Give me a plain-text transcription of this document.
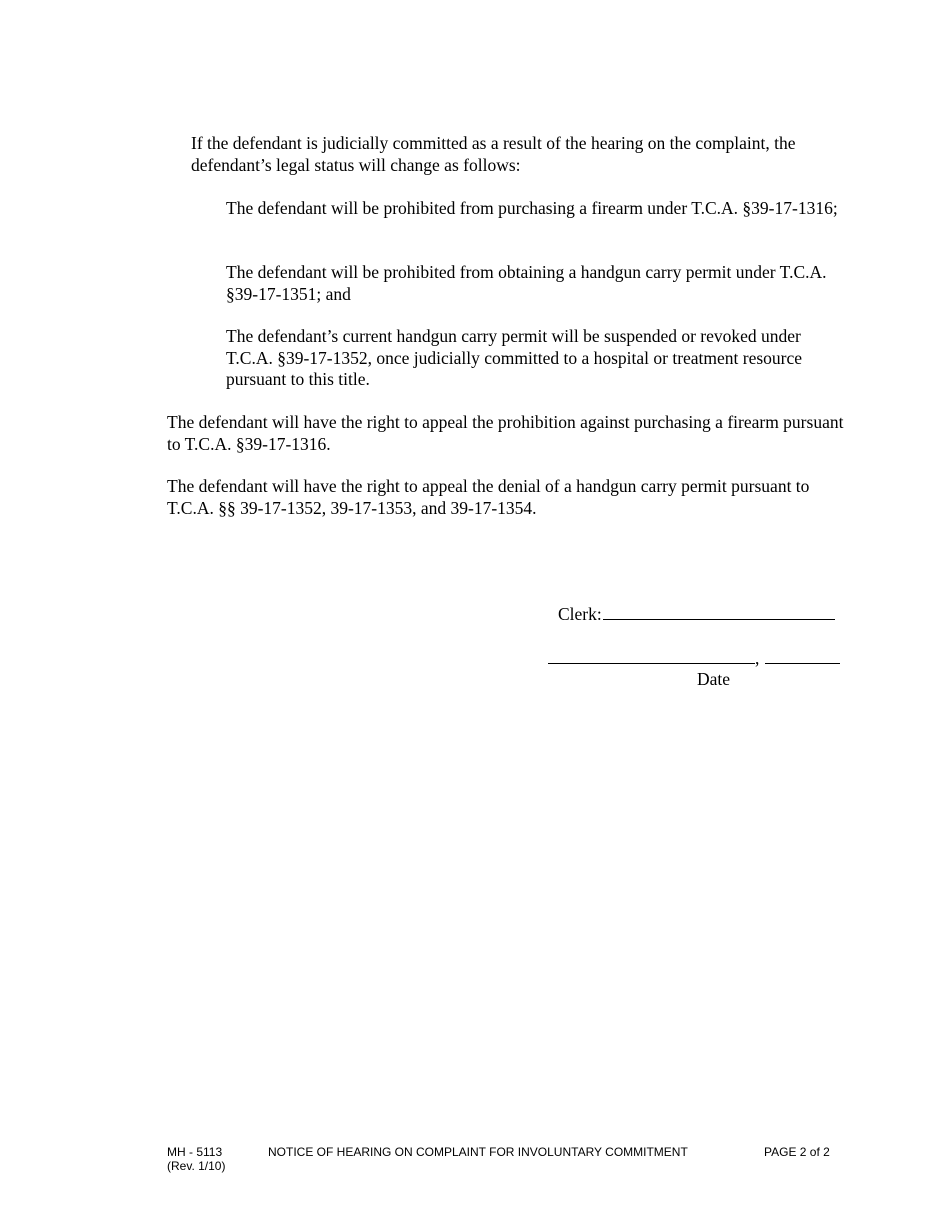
If the defendant is judicially committed as a result of the hearing on the complaint, the defendant’s legal status will change as follows:

The defendant will be prohibited from purchasing a firearm under T.C.A. §39-17-1316;

The defendant will be prohibited from obtaining a handgun carry permit under T.C.A. §39-17-1351; and

The defendant’s current handgun carry permit will be suspended or revoked under T.C.A. §39-17-1352, once judicially committed to a hospital or treatment resource pursuant to this title.

The defendant will have the right to appeal the prohibition against purchasing a firearm pursuant to T.C.A. §39-17-1316.

The defendant will have the right to appeal the denial of a handgun carry permit pursuant to T.C.A. §§ 39-17-1352, 39-17-1353, and 39-17-1354.

Clerk:
,
Date
MH - 5113
(Rev. 1/10)
NOTICE OF HEARING ON COMPLAINT FOR INVOLUNTARY COMMITMENT	PAGE 2 of 2
